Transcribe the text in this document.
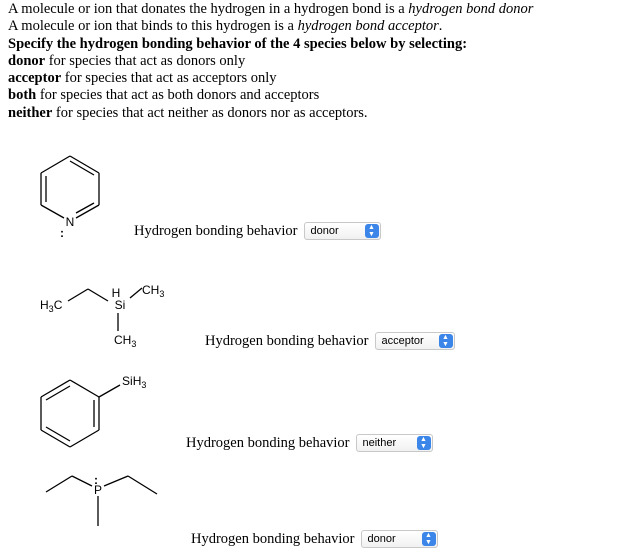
A molecule or ion that donates the hydrogen in a hydrogen bond is a hydrogen bond donor
A molecule or ion that binds to this hydrogen is a hydrogen bond acceptor.
Specify the hydrogen bonding behavior of the 4 species below by selecting:
donor for species that act as donors only
acceptor for species that act as acceptors only
both for species that act as both donors and acceptors
neither for species that act neither as donors nor as acceptors.
N
:	Hydrogen bonding behavior donor	▲
▼
$H_3C$
H
Si
$CH_3$
$CH_3$	Hydrogen bonding behavior acceptor	▲
▼
SiH$_3$
Hydrogen bonding behavior neither	▲
▼
P
:
Hydrogen bonding behavior donor	▲
▼
